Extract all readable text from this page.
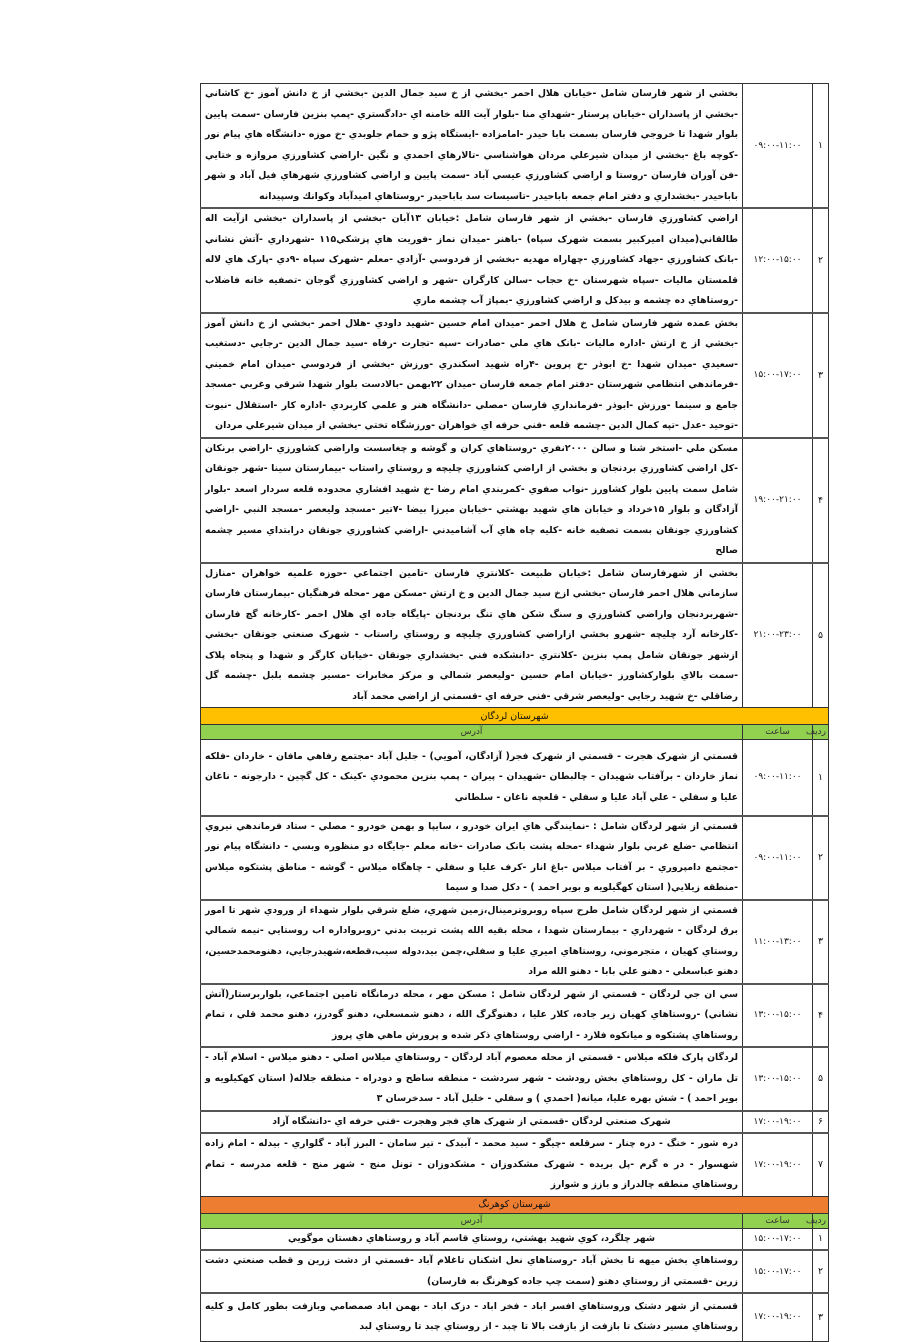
۱	۰۹:۰۰-۱۱:۰۰	بخشي از شهر فارسان شامل -خيابان هلال احمر -بخشي از خ سيد جمال الدين -بخشي از خ دانش آموز -خ كاشاني -بخشي از پاسداران -خيابان پرستار -شهداي منا -بلوار آيت الله خامنه اي -دادگستري -پمپ بنزين فارسان -سمت پايين بلوار شهدا تا خروجي فارسان بسمت بابا حيدر -امامزاده -ايستگاه پژو و حمام جلوبدي -خ موزه -دانشگاه هاي پيام نور -كوچه باغ -بخشي از ميدان شيرعلي مردان هواشناسي -تالارهاي احمدي و نگين -اراضي كشاورزي مروازه و ختايي -فن آوران فارسان -روستا و اراضي كشاورزي عيسي آباد -سمت پايين و اراضي كشاورزي شهرهاي فيل آباد و شهر باباحيدر -بخشداري و دفتر امام جمعه باباحيدر -تاسيسات سد باباحيدر -روستاهاي اميدآباد وكوانك وسپيدانه
۲	۱۲:۰۰-۱۵:۰۰	اراضي كشاورزي فارسان -بخشي از شهر فارسان شامل :خيابان ۱۳آبان -بخشي از پاسداران -بخشي ازآيت اله طالقاني(ميدان اميركبير بسمت شهرک سپاه) -باهنر -ميدان نماز -فوريت هاي پزشكي۱۱۵ -شهرداري -آتش نشاني -بانک كشاورزي -جهاد كشاورزي -چهاراه مهديه -بخشي از فردوسي -آزادي -معلم -شهرک سپاه -۹دي -پارک هاي لاله قلمستان ماليات -سپاه شهرستان -خ حجاب -سالن كارگران -شهر و اراضي كشاورزي گوجان -تصفيه خانه فاضلاب -روستاهاي ده چشمه و بيدكل و اراضي كشاورزي -بمپاژ آب چشمه ماري
۳	۱۵:۰۰-۱۷:۰۰	بخش عمده شهر فارسان شامل خ هلال احمر -ميدان امام حسين -شهيد داودي -هلال احمر -بخشي از خ دانش آموز -بخشي از خ ارتش -اداره ماليات -بانک هاي ملي -صادرات -سپه -تجارت -رفاه -سيد جمال الدين -رجايي -دستغيب -سعيدي -ميدان شهدا -خ ابوذر -خ پروين -۴راه شهيد اسكندري -ورزش -بخشي از فردوسي -ميدان امام خميني -فرماندهي انتظامي شهرستان -دفتر امام جمعه فارسان -ميدان ۲۲بهمن -بالادست بلوار شهدا شرقي وغربي -مسجد جامع و سينما -ورزش -ابوذر -فرمانداري فارسان -مصلي -دانشگاه هنر و علمي كاربردي -اداره كار -استقلال -نبوت -توحيد -عدل -تپه كمال الدين -چشمه قلعه -فني حرفه اي خواهران -ورزشگاه تختي -بخشي از ميدان شيرعلي مردان
۴	۱۹:۰۰-۲۱:۰۰	مسكن ملي -استخر شنا و سالن ۲۰۰۰نفري -روستاهاي كران و گوشه و چغاسست واراضي كشاورزي -اراضي برنكان -كل اراضي كشاورزي بردنجان و بخشي از اراضي كشاورزي چليچه و روستاي راستاب -بيمارستان سينا -شهر جونقان شامل سمت پايين بلوار كشاورز -نواب صفوي -كمربندي امام رضا -خ شهيد افشاري محدوده قلعه سردار اسعد -بلوار آزادگان و بلوار ۱۵خرداد و خيابان هاي شهيد بهشتي -خيابان ميرزا بيضا -۷تير -مسجد وليعصر -مسجد النبي -اراضي كشاورزي جونقان بسمت تصفيه خانه -كليه چاه هاي آب آشاميدني -اراضي كشاورزي جونقان درابتداي مسير چشمه صالح
۵	۲۱:۰۰-۲۳:۰۰	بخشي از شهرفارسان شامل :خيابان طبيعت -كلانتري فارسان -تامين اجتماعي -حوزه علميه خواهران -منازل سازماني هلال احمر فارسان -بخشي ازخ سيد جمال الدين و خ ارتش -مسكن مهر -محله فرهنگيان -بيمارستان فارسان -شهربردنجان واراضي كشاورزي و سنگ شكن هاي تنگ بردنجان -پايگاه جاده اي هلال احمر -كارخانه گچ فارسان -كارخانه آرد چليچه -شهرو بخشي ازاراضي كشاورزي چليچه و روستاي راستاب - شهرک صنعتي جونقان -بخشي ازشهر جونقان شامل پمپ بنزين -كلانتري -دانشكده فني -بخشداري جونقان -خيابان كارگر و شهدا و پنجاه پلاک -سمت بالاي بلواركشاورز -خيابان امام حسين -وليعصر شمالي و مركز مخابرات -مسير چشمه بلبل -چشمه گل رضاقلي -خ شهيد رجايي -وليعصر شرقي -فني حرفه اي -قسمتي از اراضي محمد آباد
شهرستان لردگان		
ردیف	ساعت	آدرس
۱	۰۹:۰۰-۱۱:۰۰	قسمتي از شهرک هجرت - قسمتي از شهرک فجر( آزادگان، آمويي) - جليل آباد -مجتمع رفاهي مافان - خاردان -فلكه نماز خاردان - برآفتاب شهيدان - چالبطان -شهيدان - پيران - پمپ بنزين محمودي -كينک - كل گچين - دارجونه - ناغان عليا و سفلي - علي آباد عليا و سفلي - قلعچه ناغان - سلطاني
۲	۰۹:۰۰-۱۱:۰۰	قسمتي از شهر لردگان شامل : -نمايندگي هاي ايران خودرو ، سايپا و بهمن خودرو - مصلي - ستاد فرماندهي نيروي انتظامي -ضلع غربي بلوار شهداء -محله پشت بانک صادرات -خانه معلم -جايگاه دو منظوره وبسي - دانشگاه پيام نور -مجتمع دامپروري - بر آفتاب ميلاس -باغ انار -كرف عليا و سفلي - چاهگاه ميلاس - گوشه - مناطق پشتكوه ميلاس -منطقه زيلايي( استان كهگيلويه و بوير احمد ) - دكل صدا و سيما
۳	۱۱:۰۰-۱۳:۰۰	قسمتي از شهر لردگان شامل طرح سپاه روبروترمينال،زمين شهري، ضلع شرقي بلوار شهداء از ورودي شهر تا امور برق لردگان - شهرداري - بيمارستان شهدا ، محله بقيه الله پشت تربيت بدني -روبرواداره اب روستايي -نيمه شمالي روستاي كهيان ، متجرموني، روستاهاي اميري عليا و سفلي،چمن بيد،دوله سيب،قطعه،شهيدرجايي، دهنومحمدحسين، دهنو عباسعلي - دهنو علي بابا - دهنو الله مراد
۴	۱۳:۰۰-۱۵:۰۰	سي ان جي لردگان - قسمتي از شهر لردگان شامل : مسكن مهر ، محله درمانگاه تامين اجتماعي، بلواربرستار(آتش نشاني) -روستاهاي كهيان زير جاده، كلار عليا ، دهنوگرگ الله ، دهنو شمسعلي، دهنو گودرز، دهنو محمد قلي ، تمام روستاهاي پشتكوه و ميانكوه فلارد - اراضي روستاهاي ذكر شده و پرورش ماهي هاي پروز
۵	۱۳:۰۰-۱۵:۰۰	لردگان پارک فلكه ميلاس - قسمتي از محله معصوم آباد لردگان - روستاهاي ميلاس اصلي - دهنو ميلاس - اسلام آباد - تل ماران - كل روستاهاي بخش رودشت - شهر سردشت - منطقه ساطح و دودراه - منطقه جلاله( استان كهكيلويه و بوير احمد ) - شش بهره عليا، ميانه( احمدي ) و سفلي - خليل آباد - سدخرسان ۳
۶	۱۷:۰۰-۱۹:۰۰	شهرک صنعتي لردگان -قسمتي از شهرک هاي فجر وهجرت -فني حرفه اي -دانشگاه آزاد
۷	۱۷:۰۰-۱۹:۰۰	دره شور - خنگ - دره چنار - سرقلعه -چيگو - سيد محمد - آبيدک - تير سامان - البرز آباد - گلواري - بيدله - امام زاده شهسوار - در ه گرم -پل بريده - شهرک مشكدوزان - مشكدوزان - تونل منج - شهر منج - قلعه مدرسه - تمام روستاهاي منطقه چالدراز و بازز و شوارز
شهرستان کوهرنگ		
ردیف	ساعت	آدرس
۱	۱۵:۰۰-۱۷:۰۰	شهر چلگرد، كوي شهيد بهشتي، روستاي قاسم آباد و روستاهاي دهستان موگويي
۲	۱۵:۰۰-۱۷:۰۰	روستاهاي بخش ميهه تا بخش آباد -روستاهاي نعل اشكنان تاغلام آباد -قسمتي از دشت زرين و قطب صنعتي دشت زرين -قسمتي از روستاي دهنو (سمت چپ جاده كوهرنگ به فارسان)
۳	۱۷:۰۰-۱۹:۰۰	قسمتي از شهر دشتک وروستاهاي افسر اباد - فخر اباد - دزک اباد - بهمن اباد صمصامي وبازفت بطور كامل و كليه روستاهاي مسير دشتک تا بازفت از بازفت بالا تا چبد - از روستاي چبد تا روستاي لبد
